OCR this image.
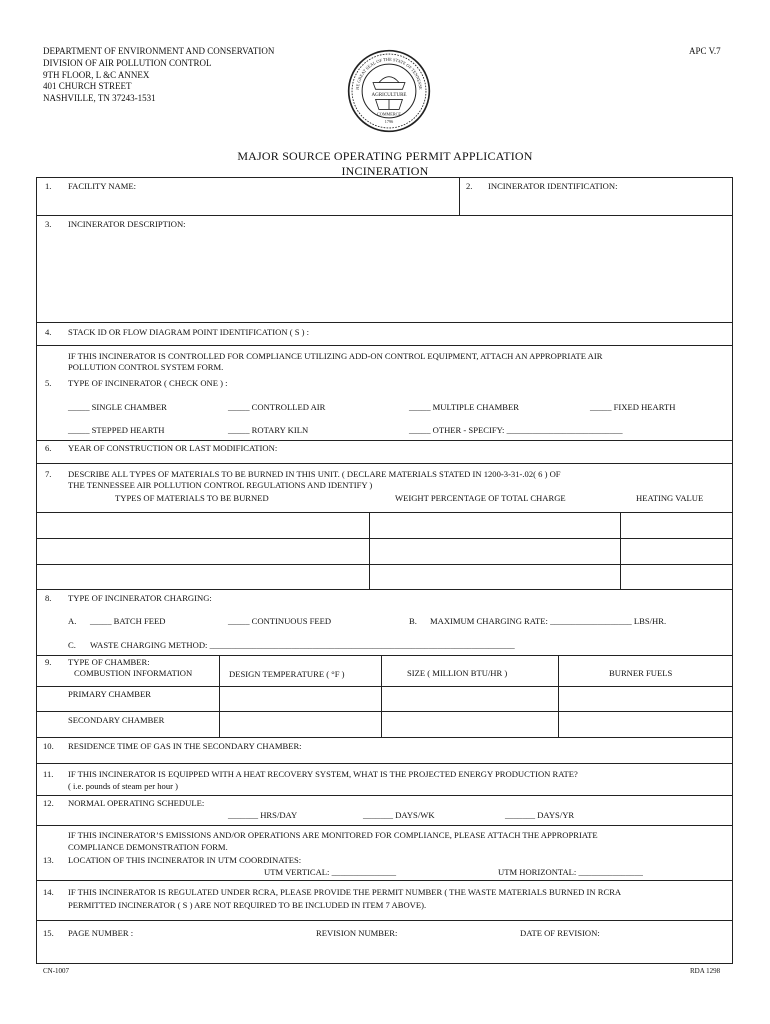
DEPARTMENT OF ENVIRONMENT AND CONSERVATION
DIVISION OF AIR POLLUTION CONTROL
9TH FLOOR, L &C ANNEX
401 CHURCH STREET
NASHVILLE, TN 37243-1531
APC V.7
AGRICULTURE
COMMERCE
1796
HE GREAT SEAL OF THE STATE OF TENNESSE
MAJOR SOURCE OPERATING PERMIT APPLICATION
INCINERATION
1. FACILITY NAME:	2. INCINERATOR IDENTIFICATION:
3. INCINERATOR DESCRIPTION:
4. STACK ID OR FLOW DIAGRAM POINT IDENTIFICATION ( S ) :
IF THIS INCINERATOR IS CONTROLLED FOR COMPLIANCE UTILIZING ADD-ON CONTROL EQUIPMENT, ATTACH AN APPROPRIATE AIR
POLLUTION CONTROL SYSTEM FORM.
5. TYPE OF INCINERATOR ( CHECK ONE ) :
_____ SINGLE CHAMBER	_____ CONTROLLED AIR	_____ MULTIPLE CHAMBER	_____ FIXED HEARTH
_____ STEPPED HEARTH	_____ ROTARY KILN	_____ OTHER - SPECIFY: ___________________________
6. YEAR OF CONSTRUCTION OR LAST MODIFICATION:
7. DESCRIBE ALL TYPES OF MATERIALS TO BE BURNED IN THIS UNIT. ( DECLARE MATERIALS STATED IN 1200-3-31-.02( 6 ) OF
THE TENNESSEE AIR POLLUTION CONTROL REGULATIONS AND IDENTIFY )
TYPES OF MATERIALS TO BE BURNED	WEIGHT PERCENTAGE OF TOTAL CHARGE	HEATING VALUE
8. TYPE OF INCINERATOR CHARGING:
A. _____ BATCH FEED	_____ CONTINUOUS FEED	B. MAXIMUM CHARGING RATE: ___________________ LBS/HR.
C. WASTE CHARGING METHOD: _______________________________________________________________________
9. TYPE OF CHAMBER:
COMBUSTION INFORMATION	DESIGN TEMPERATURE ( °F )	SIZE ( MILLION BTU/HR )	BURNER FUELS
PRIMARY CHAMBER
SECONDARY CHAMBER
10. RESIDENCE TIME OF GAS IN THE SECONDARY CHAMBER:
11. IF THIS INCINERATOR IS EQUIPPED WITH A HEAT RECOVERY SYSTEM, WHAT IS THE PROJECTED ENERGY PRODUCTION RATE?
( i.e. pounds of steam per hour )
12. NORMAL OPERATING SCHEDULE:
_______ HRS/DAY	_______ DAYS/WK	_______ DAYS/YR
IF THIS INCINERATOR’S EMISSIONS AND/OR OPERATIONS ARE MONITORED FOR COMPLIANCE, PLEASE ATTACH THE APPROPRIATE
COMPLIANCE DEMONSTRATION FORM.
13. LOCATION OF THIS INCINERATOR IN UTM COORDINATES:
UTM VERTICAL: _______________	UTM HORIZONTAL: _______________
14. IF THIS INCINERATOR IS REGULATED UNDER RCRA, PLEASE PROVIDE THE PERMIT NUMBER ( THE WASTE MATERIALS BURNED IN RCRA
PERMITTED INCINERATOR ( S ) ARE NOT REQUIRED TO BE INCLUDED IN ITEM 7 ABOVE).
15. PAGE NUMBER :	REVISION NUMBER:	DATE OF REVISION:
CN-1007	RDA 1298
